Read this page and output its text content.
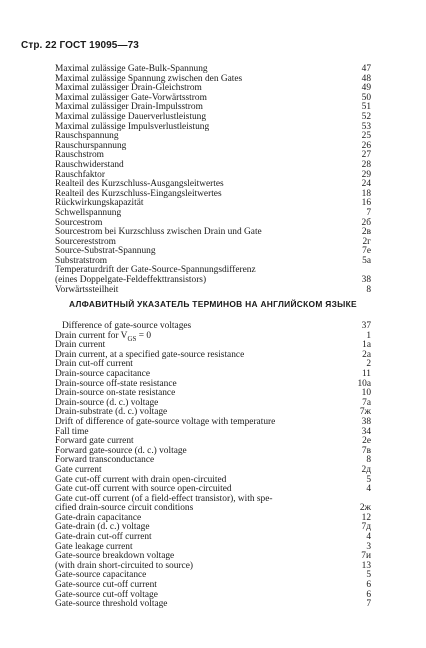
Стр. 22 ГОСТ 19095—73
Maximal zulässige Gate-Bulk-Spannung	47
Maximal zulässige Spannung zwischen den Gates	48
Maximal zulässiger Drain-Gleichstrom	49
Maximal zulässiger Gate-Vorwärtsstrom	50
Maximal zulässiger Drain-Impulsstrom	51
Maximal zulässige Dauerverlustleistung	52
Maximal zulässige Impulsverlustleistung	53
Rauschspannung	25
Rauschurspannung	26
Rauschstrom	27
Rauschwiderstand	28
Rauschfaktor	29
Realteil des Kurzschluss-Ausgangsleitwertes	24
Realteil des Kurzschluss-Eingangsleitwertes	18
Rückwirkungskapazität	16
Schwellspannung	7
Sourcestrom	2б
Sourcestrom bei Kurzschluss zwischen Drain und Gate	2в
Sourcereststrom	2г
Source-Substrat-Spannung	7е
Substratstrom	5а
Temperaturdrift der Gate-Source-Spannungsdifferenz
(eines Doppelgate-Feldeffekttransistors)	38
Vorwärtssteilheit	8
АЛФАВИТНЫЙ УКАЗАТЕЛЬ ТЕРМИНОВ НА АНГЛИЙСКОМ ЯЗЫКЕ
Difference of gate-source voltages	37
Drain current for $V_{GS} = 0$	1
Drain current	1а
Drain current, at a specified gate-source resistance	2а
Drain cut-off current	2
Drain-source capacitance	11
Drain-source off-state resistance	10а
Drain-source on-state resistance	10
Drain-source (d. c.) voltage	7а
Drain-substrate (d. c.) voltage	7ж
Drift of difference of gate-source voltage with temperature	38
Fall time	34
Forward gate current	2е
Forward gate-source (d. c.) voltage	7в
Forward transconductance	8
Gate current	2д
Gate cut-off current with drain open-circuited	5
Gate cut-off current with source open-circuited	4
Gate cut-off current (of a field-effect transistor), with spe-
cified drain-source circuit conditions	2ж
Gate-drain capacitance	12
Gate-drain (d. c.) voltage	7д
Gate-drain cut-off current	4
Gate leakage current	3
Gate-source breakdown voltage	7и
(with drain short-circuited to source)	13
Gate-source capacitance	5
Gate-source cut-off current	6
Gate-source cut-off voltage	6
Gate-source threshold voltage	7
